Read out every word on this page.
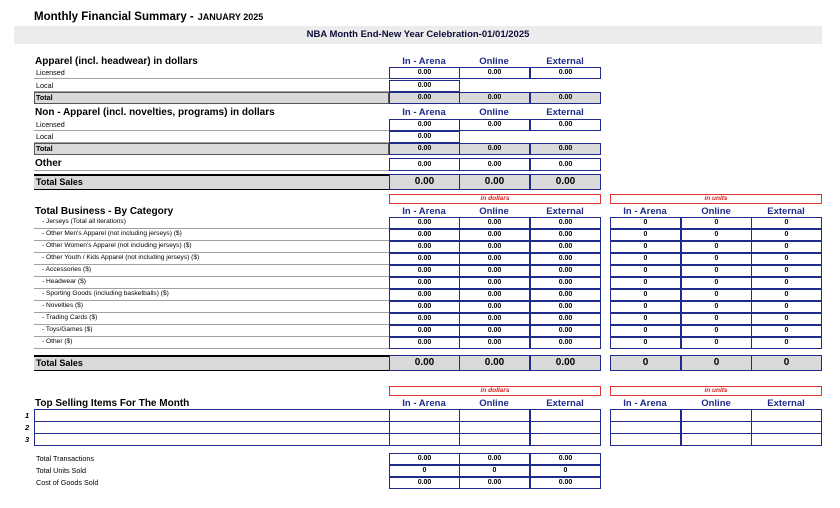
Monthly Financial Summary - JANUARY 2025
NBA Month End-New Year Celebration-01/01/2025
Apparel (incl. headwear) in dollars	In - Arena	Online	External
Licensed	0.00	0.00	0.00
Local	0.00
Total	0.00	0.00	0.00
Non - Apparel (incl. novelties, programs) in dollars	In - Arena	Online	External
Licensed	0.00	0.00	0.00
Local	0.00
Total	0.00	0.00	0.00
Other	0.00	0.00	0.00
Total Sales	0.00	0.00	0.00
in dollars	in units
Total Business - By Category	In - Arena	Online	External	In - Arena	Online	External
- Jerseys (Total all iterations)	0.00	0.00	0.00	0	0	0
- Other Men's Apparel (not including jerseys) ($)	0.00	0.00	0.00	0	0	0
- Other Women's Apparel (not including jerseys) ($)	0.00	0.00	0.00	0	0	0
- Other Youth / Kids Apparel (not including jerseys) ($)	0.00	0.00	0.00	0	0	0
- Accessories ($)	0.00	0.00	0.00	0	0	0
- Headwear ($)	0.00	0.00	0.00	0	0	0
- Sporting Goods (including basketballs) ($)	0.00	0.00	0.00	0	0	0
- Novelties ($)	0.00	0.00	0.00	0	0	0
- Trading Cards ($)	0.00	0.00	0.00	0	0	0
- Toys/Games ($)	0.00	0.00	0.00	0	0	0
- Other ($)	0.00	0.00	0.00	0	0	0
Total Sales	0.00	0.00	0.00	0	0	0
in dollars	in units
Top Selling Items For The Month	In - Arena	Online	External	In - Arena	Online	External
1
2
3
Total Transactions	0.00	0.00	0.00
Total Units Sold	0	0	0
Cost of Goods Sold	0.00	0.00	0.00
